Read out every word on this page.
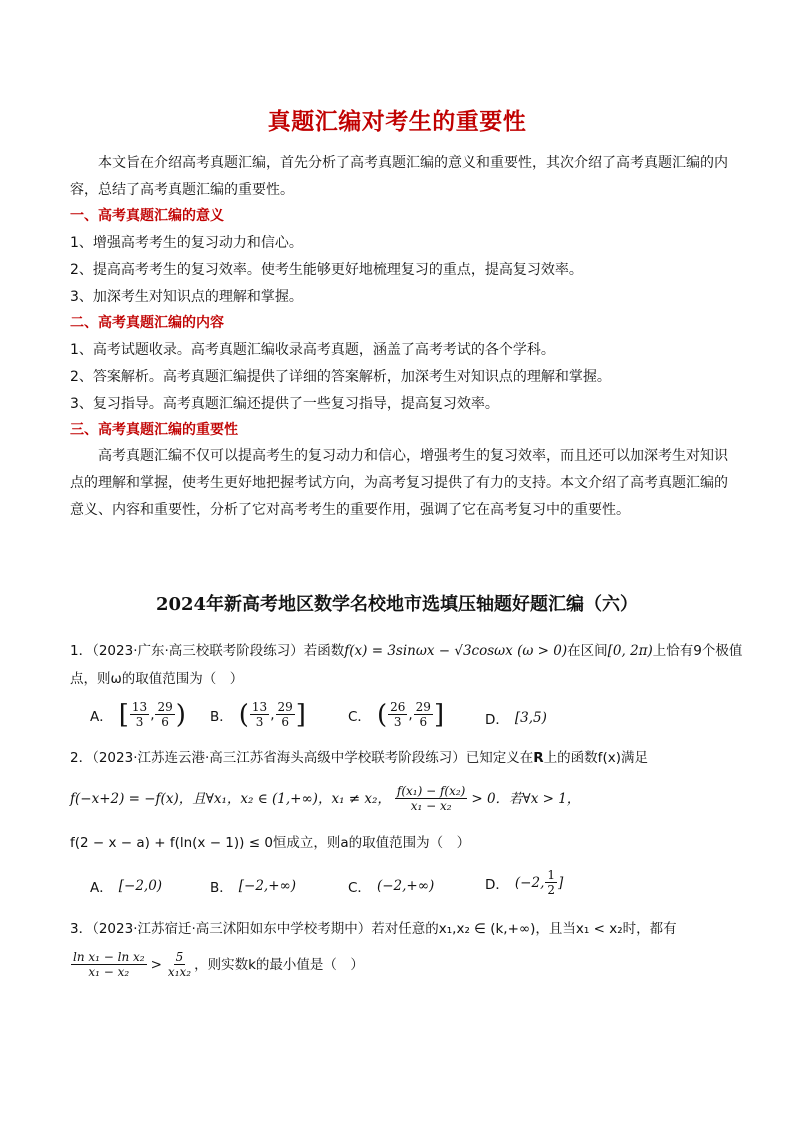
真题汇编对考生的重要性
本文旨在介绍高考真题汇编，首先分析了高考真题汇编的意义和重要性，其次介绍了高考真题汇编的内容，总结了高考真题汇编的重要性。
一、高考真题汇编的意义
1、增强高考考生的复习动力和信心。
2、提高高考考生的复习效率。使考生能够更好地梳理复习的重点，提高复习效率。
3、加深考生对知识点的理解和掌握。
二、高考真题汇编的内容
1、高考试题收录。高考真题汇编收录高考真题，涵盖了高考考试的各个学科。
2、答案解析。高考真题汇编提供了详细的答案解析，加深考生对知识点的理解和掌握。
3、复习指导。高考真题汇编还提供了一些复习指导，提高复习效率。
三、高考真题汇编的重要性
高考真题汇编不仅可以提高考生的复习动力和信心，增强考生的复习效率，而且还可以加深考生对知识点的理解和掌握，使考生更好地把握考试方向，为高考复习提供了有力的支持。本文介绍了高考真题汇编的意义、内容和重要性，分析了它对高考考生的重要作用，强调了它在高考复习中的重要性。
2024年新高考地区数学名校地市选填压轴题好题汇编（六）
1．（2023·广东·高三校联考阶段练习）若函数f(x) = 3sinωx − √3cosωx (ω > 0)在区间[0, 2π)上恰有9个极值
点，则ω的取值范围为（　）
A． [ $\frac{13}{3}$ , $\frac{29}{6}$ ) B． ( $\frac{13}{3}$ , $\frac{29}{6}$ ]	C． ( $\frac{26}{3}$ , $\frac{29}{6}$ ]	D． [3,5)
2．（2023·江苏连云港·高三江苏省海头高级中学校联考阶段练习）已知定义在R上的函数f(x)满足
f(−x+2) = −f(x)，且∀x₁，x₂ ∈ (1,+∞)，x₁ ≠ x₂， $\frac{\text{f(x₁) − f(x₂)}}{\text{x₁ − x₂}} > 0$．若∀x > 1，
f(2 − x − a) + f(ln(x − 1)) ≤ 0恒成立，则a的取值范围为（　）
A． [−2,0)	B． [−2,+∞)	C． (−2,+∞)	D． (−2, $\frac{1}{2}$ ]
3．（2023·江苏宿迁·高三沭阳如东中学校考期中）若对任意的x₁,x₂ ∈ (k,+∞)，且当x₁ < x₂时，都有
$\frac{\text{ln x₁ − ln x₂}}{\text{x₁ − x₂}} > \frac{5}{\text{x₁x₂}}$ ，则实数k的最小值是（　）
